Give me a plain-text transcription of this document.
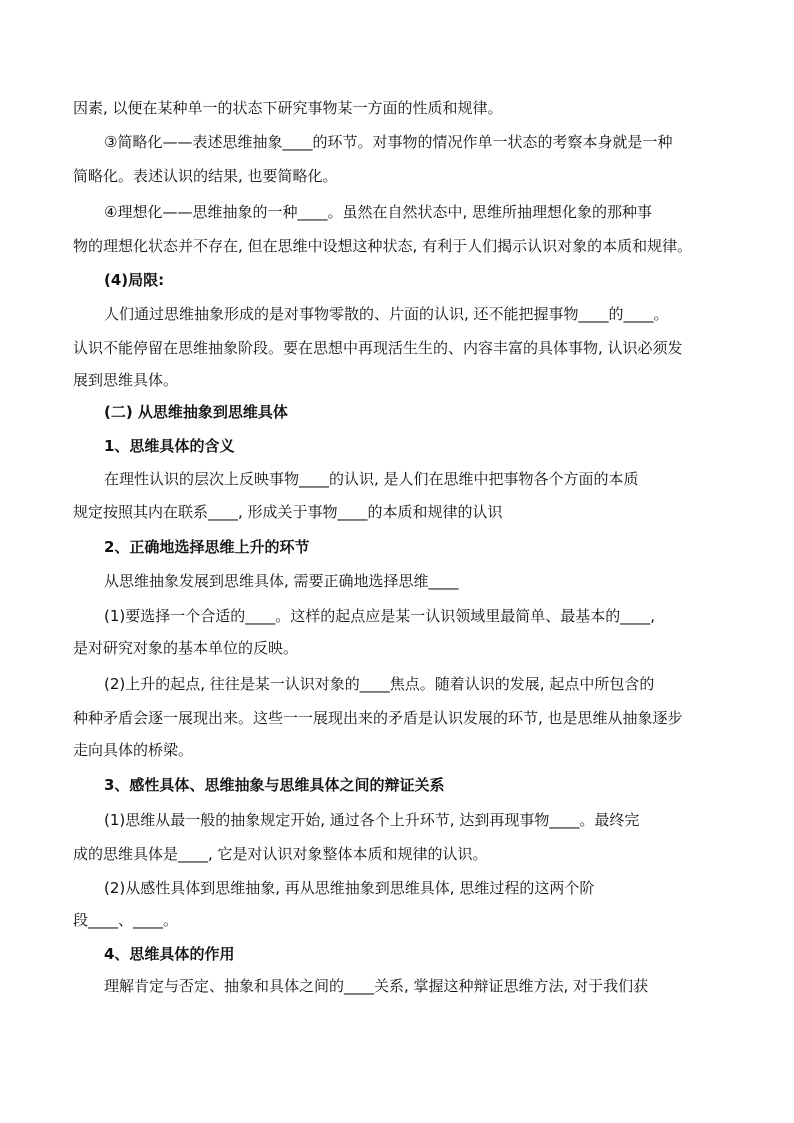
因素, 以便在某种单一的状态下研究事物某一方面的性质和规律。
③简略化——表述思维抽象____的环节。对事物的情况作单一状态的考察本身就是一种
简略化。表述认识的结果, 也要简略化。
④理想化——思维抽象的一种____。虽然在自然状态中, 思维所抽理想化象的那种事
物的理想化状态并不存在, 但在思维中设想这种状态, 有利于人们揭示认识对象的本质和规律。
(4)局限:
人们通过思维抽象形成的是对事物零散的、片面的认识, 还不能把握事物____的____。
认识不能停留在思维抽象阶段。要在思想中再现活生生的、内容丰富的具体事物, 认识必须发
展到思维具体。
(二) 从思维抽象到思维具体
1、思维具体的含义
在理性认识的层次上反映事物____的认识, 是人们在思维中把事物各个方面的本质
规定按照其内在联系____, 形成关于事物____的本质和规律的认识
2、正确地选择思维上升的环节
从思维抽象发展到思维具体, 需要正确地选择思维____
(1)要选择一个合适的____。这样的起点应是某一认识领域里最简单、最基本的____,
是对研究对象的基本单位的反映。
(2)上升的起点, 往往是某一认识对象的____焦点。随着认识的发展, 起点中所包含的
种种矛盾会逐一展现出来。这些一一展现出来的矛盾是认识发展的环节, 也是思维从抽象逐步
走向具体的桥梁。
3、感性具体、思维抽象与思维具体之间的辩证关系
(1)思维从最一般的抽象规定开始, 通过各个上升环节, 达到再现事物____。最终完
成的思维具体是____, 它是对认识对象整体本质和规律的认识。
(2)从感性具体到思维抽象, 再从思维抽象到思维具体, 思维过程的这两个阶
段____、____。
4、思维具体的作用
理解肯定与否定、抽象和具体之间的____关系, 掌握这种辩证思维方法, 对于我们获
